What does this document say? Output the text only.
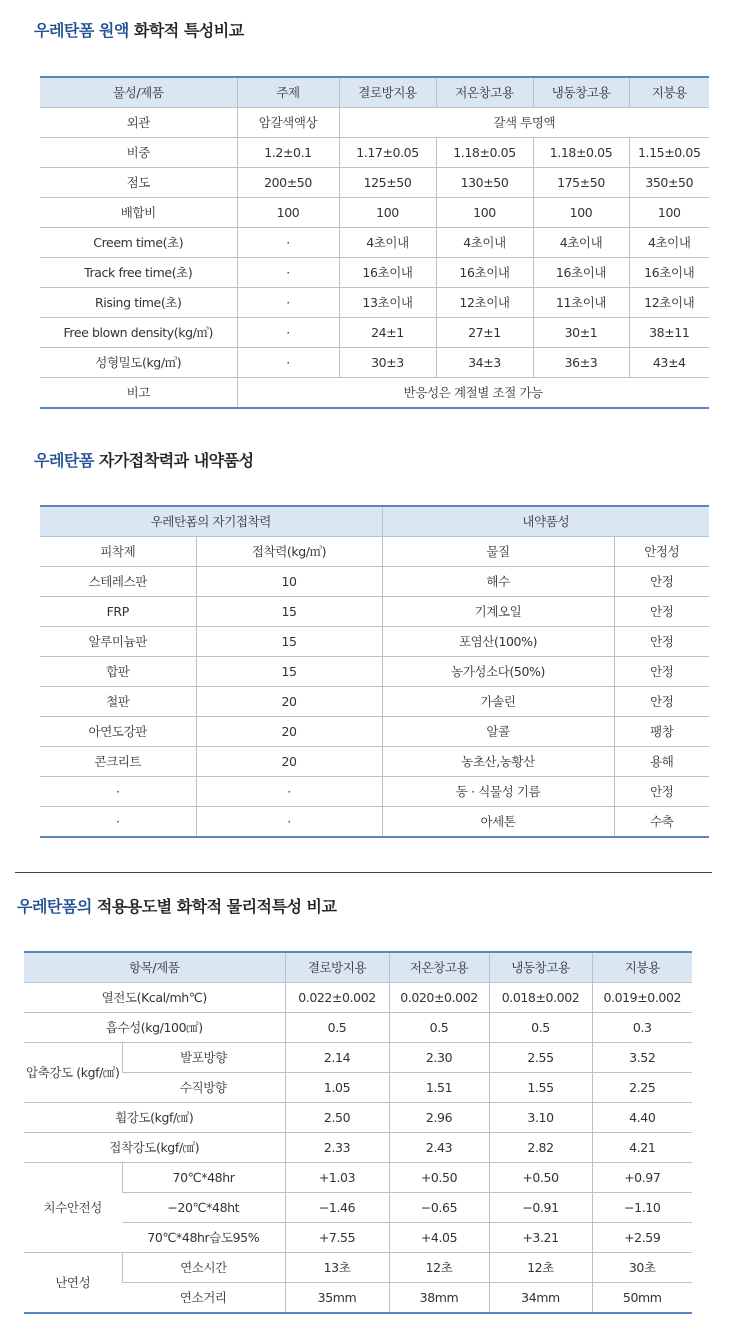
우레탄폼 원액 화학적 특성비교
물성/제품	주제	결로방지용	저온창고용	냉동창고용	지붕용
외관	암갈색액상	갈색 투명액			
비중	1.2±0.1	1.17±0.05	1.18±0.05	1.18±0.05	1.15±0.05
점도	200±50	125±50	130±50	175±50	350±50
배합비	100	100	100	100	100
Creem time(초)	·	4초이내	4초이내	4초이내	4초이내
Track free time(초)	·	16초이내	16초이내	16초이내	16초이내
Rising time(초)	·	13초이내	12초이내	11초이내	12초이내
Free blown density(kg/㎥)	·	24±1	27±1	30±1	38±11
성형밀도(kg/㎥)	·	30±3	34±3	36±3	43±4
비고	반응성은 계절별 조절 가능				
우레탄폼 자가접착력과 내약품성
우레탄폼의 자기접착력		내약품성	
피착제	접착력(kg/㎥)	물질	안정성
스테레스판	10	해수	안정
FRP	15	기계오일	안정
알루미늄판	15	포염산(100%)	안정
합판	15	농가성소다(50%)	안정
철판	20	가솔린	안정
아연도강판	20	알콜	팽창
콘크리트	20	농초산,농황산	용해
·	·	동 · 식물성 기름	안정
·	·	아세톤	수축
우레탄폼의 적용용도별 화학적 물리적특성 비교
항목/제품		결로방지용	저온창고용	냉동창고용	지붕용
열전도(Kcal/mh℃)		0.022±0.002	0.020±0.002	0.018±0.002	0.019±0.002
흡수성(kg/100㎠)		0.5	0.5	0.5	0.3
압축강도 (kgf/㎠)	발포방향	2.14	2.30	2.55	3.52
	수직방향	1.05	1.51	1.55	2.25
휨강도(kgf/㎠)		2.50	2.96	3.10	4.40
접착강도(kgf/㎠)		2.33	2.43	2.82	4.21
치수안전성	70℃*48hr	+1.03	+0.50	+0.50	+0.97
	−20℃*48ht	−1.46	−0.65	−0.91	−1.10
	70℃*48hr습도95%	+7.55	+4.05	+3.21	+2.59
난연성	연소시간	13초	12초	12초	30초
	연소거리	35mm	38mm	34mm	50mm
